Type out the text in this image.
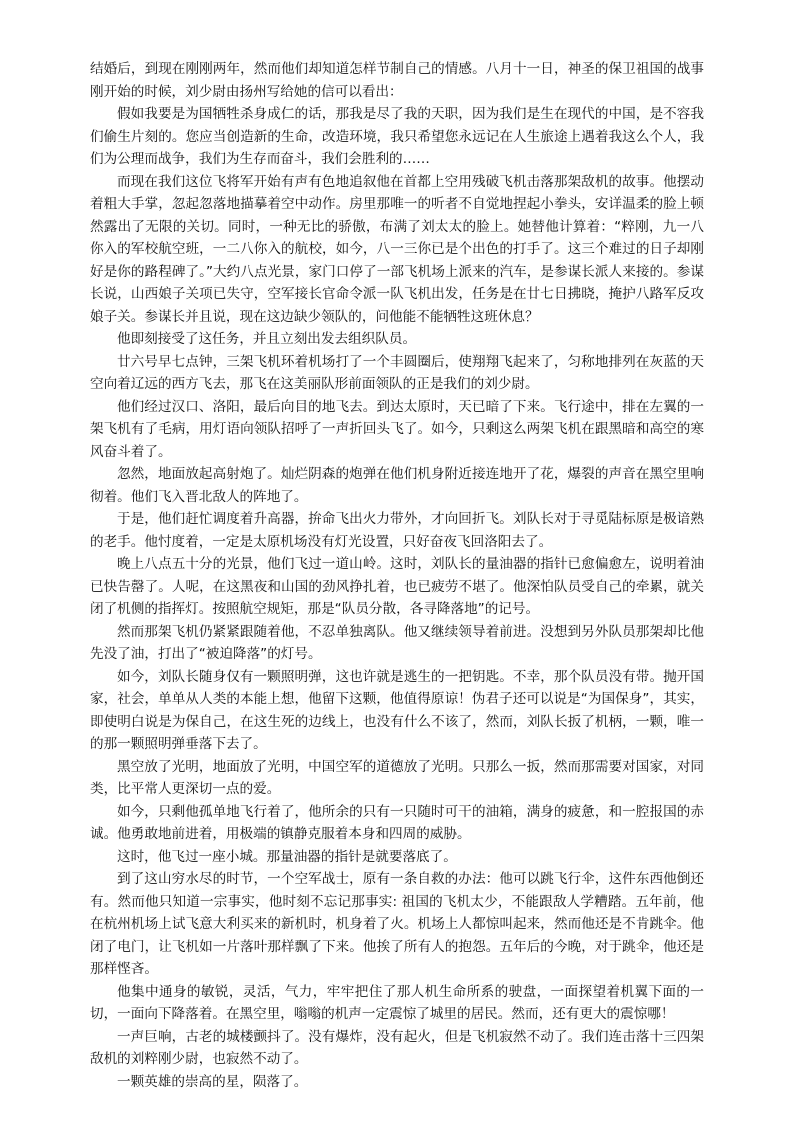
结婚后，到现在刚刚两年，然而他们却知道怎样节制自己的情感。八月十一日，神圣的保卫祖国的战事刚开始的时候，刘少尉由扬州写给她的信可以看出：

假如我要是为国牺牲杀身成仁的话，那我是尽了我的天职，因为我们是生在现代的中国，是不容我们偷生片刻的。您应当创造新的生命，改造环境，我只希望您永远记在人生旅途上遇着我这么个人，我们为公理而战争，我们为生存而奋斗，我们会胜利的……

而现在我们这位飞将军开始有声有色地追叙他在首都上空用残破飞机击落那架敌机的故事。他摆动着粗大手掌，忽起忽落地描摹着空中动作。房里那唯一的听者不自觉地捏起小拳头，安详温柔的脸上顿然露出了无限的关切。同时，一种无比的骄傲，布满了刘太太的脸上。她替他计算着：“粹刚，九一八你入的军校航空班，一二八你入的航校，如今，八一三你已是个出色的打手了。这三个难过的日子却刚好是你的路程碑了。”大约八点光景，家门口停了一部飞机场上派来的汽车，是参谋长派人来接的。参谋长说，山西娘子关项已失守，空军接长官命令派一队飞机出发，任务是在廿七日拂晓，掩护八路军反攻娘子关。参谋长并且说，现在这边缺少领队的，问他能不能牺牲这班休息？

他即刻接受了这任务，并且立刻出发去组织队员。

廿六号早七点钟，三架飞机环着机场打了一个丰圆圈后，使翔翔飞起来了，匀称地排列在灰蓝的天空向着辽远的西方飞去，那飞在这美丽队形前面领队的正是我们的刘少尉。

他们经过汉口、洛阳，最后向目的地飞去。到达太原时，天已暗了下来。飞行途中，排在左翼的一架飞机有了毛病，用灯语向领队招呼了一声折回头飞了。如今，只剩这么两架飞机在跟黑暗和高空的寒风奋斗着了。

忽然，地面放起高射炮了。灿烂阴森的炮弹在他们机身附近接连地开了花，爆裂的声音在黑空里响彻着。他们飞入晋北敌人的阵地了。

于是，他们赶忙调度着升高器，拚命飞出火力带外，才向回折飞。刘队长对于寻觅陆标原是极谙熟的老手。他忖度着，一定是太原机场没有灯光设置，只好奋夜飞回洛阳去了。

晚上八点五十分的光景，他们飞过一道山岭。这时，刘队长的量油器的指针已愈偏愈左，说明着油已快告罄了。人呢，在这黑夜和山国的劲风挣扎着，也已疲劳不堪了。他深怕队员受自己的牵累，就关闭了机侧的指挥灯。按照航空规矩，那是“队员分散，各寻降落地”的记号。

然而那架飞机仍紧紧跟随着他，不忍单独离队。他又继续领导着前进。没想到另外队员那架却比他先没了油，打出了“被迫降落”的灯号。

如今，刘队长随身仅有一颗照明弹，这也许就是逃生的一把钥匙。不幸，那个队员没有带。抛开国家，社会，单单从人类的本能上想，他留下这颗，他值得原谅！伪君子还可以说是“为国保身”，其实，即使明白说是为保自己，在这生死的边线上，也没有什么不该了，然而，刘队长扳了机柄，一颗，唯一的那一颗照明弹垂落下去了。

黑空放了光明，地面放了光明，中国空军的道德放了光明。只那么一扳，然而那需要对国家，对同类，比平常人更深切一点的爱。

如今，只剩他孤单地飞行着了，他所余的只有一只随时可干的油箱，满身的疲惫，和一腔报国的赤诚。他勇敢地前进着，用极端的镇静克服着本身和四周的威胁。

这时，他飞过一座小城。那量油器的指针是就要落底了。

到了这山穷水尽的时节，一个空军战士，原有一条自救的办法：他可以跳飞行伞，这件东西他倒还有。然而他只知道一宗事实，他时刻不忘记那事实: 祖国的飞机太少，不能跟敌人学糟踏。五年前，他在杭州机场上试飞意大利买来的新机时，机身着了火。机场上人都惊叫起来，然而他还是不肯跳伞。他闭了电门，让飞机如一片落叶那样飘了下来。他挨了所有人的抱怨。五年后的今晚，对于跳伞，他还是那样悭吝。

他集中通身的敏锐，灵活，气力，牢牢把住了那人机生命所系的驶盘，一面探望着机翼下面的一切，一面向下降落着。在黑空里，嗡嗡的机声一定震惊了城里的居民。然而，还有更大的震惊哪！

一声巨响，古老的城楼颤抖了。没有爆炸，没有起火，但是飞机寂然不动了。我们连击落十三四架敌机的刘粹刚少尉，也寂然不动了。

一颗英雄的崇高的星，陨落了。
